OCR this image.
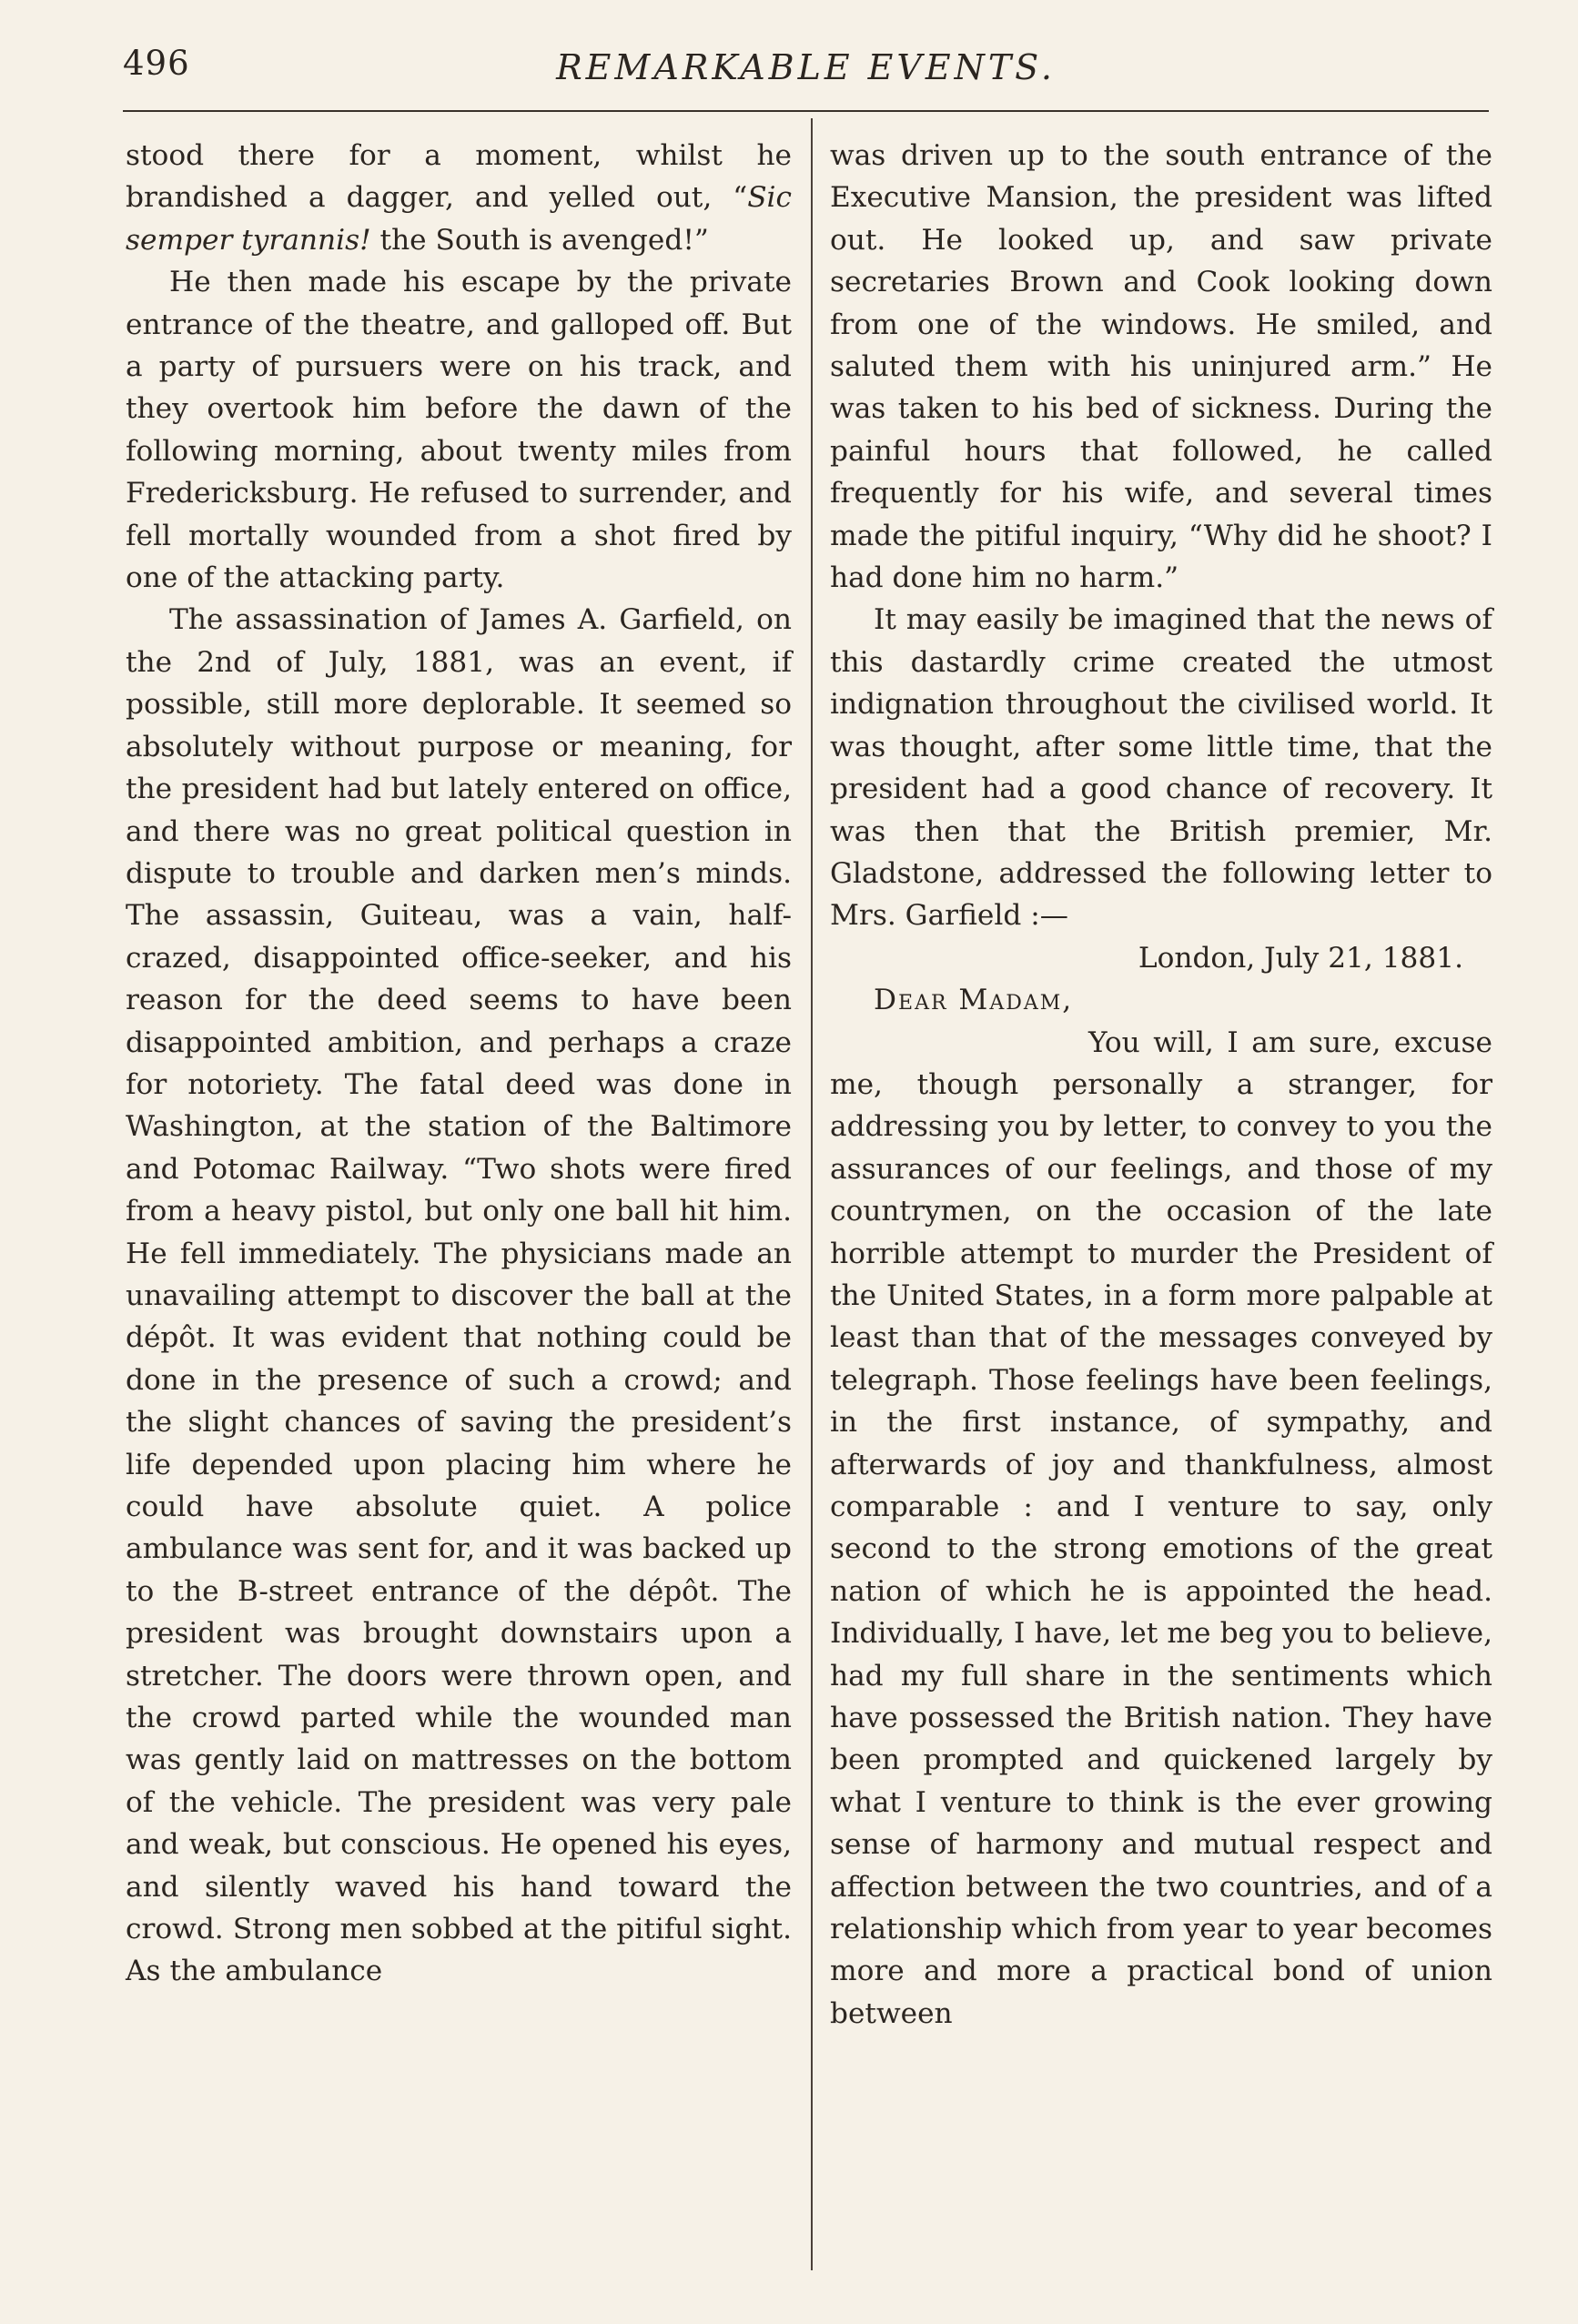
496	REMARKABLE EVENTS.

stood there for a moment, whilst he brandished a dagger, and yelled out, “Sic semper tyrannis! the South is avenged!”

He then made his escape by the private entrance of the theatre, and galloped off. But a party of pursuers were on his track, and they overtook him before the dawn of the following morning, about twenty miles from Fredericksburg. He refused to surrender, and fell mortally wounded from a shot fired by one of the attacking party.

The assassination of James A. Garfield, on the 2nd of July, 1881, was an event, if possible, still more deplorable. It seemed so absolutely without purpose or meaning, for the president had but lately entered on office, and there was no great political question in dispute to trouble and darken men’s minds. The assassin, Guiteau, was a vain, half-crazed, disappointed office-seeker, and his reason for the deed seems to have been disappointed ambition, and perhaps a craze for notoriety. The fatal deed was done in Washington, at the station of the Baltimore and Potomac Railway. “Two shots were fired from a heavy pistol, but only one ball hit him. He fell immediately. The physicians made an unavailing attempt to discover the ball at the dépôt. It was evident that nothing could be done in the presence of such a crowd; and the slight chances of saving the president’s life depended upon placing him where he could have absolute quiet. A police ambulance was sent for, and it was backed up to the B-street entrance of the dépôt. The president was brought downstairs upon a stretcher. The doors were thrown open, and the crowd parted while the wounded man was gently laid on mattresses on the bottom of the vehicle. The president was very pale and weak, but conscious. He opened his eyes, and silently waved his hand toward the crowd. Strong men sobbed at the pitiful sight. As the ambulance

was driven up to the south entrance of the Executive Mansion, the president was lifted out. He looked up, and saw private secretaries Brown and Cook looking down from one of the windows. He smiled, and saluted them with his uninjured arm.” He was taken to his bed of sickness. During the painful hours that followed, he called frequently for his wife, and several times made the pitiful inquiry, “Why did he shoot? I had done him no harm.”

It may easily be imagined that the news of this dastardly crime created the utmost indignation throughout the civilised world. It was thought, after some little time, that the president had a good chance of recovery. It was then that the British premier, Mr. Gladstone, addressed the following letter to Mrs. Garfield :—

London, July 21, 1881.

Dear Madam,

You will, I am sure, excuse me, though personally a stranger, for addressing you by letter, to convey to you the assurances of our feelings, and those of my countrymen, on the occasion of the late horrible attempt to murder the President of the United States, in a form more palpable at least than that of the messages conveyed by telegraph. Those feelings have been feelings, in the first instance, of sympathy, and afterwards of joy and thankfulness, almost comparable : and I venture to say, only second to the strong emotions of the great nation of which he is appointed the head. Individually, I have, let me beg you to believe, had my full share in the sentiments which have possessed the British nation. They have been prompted and quickened largely by what I venture to think is the ever growing sense of harmony and mutual respect and affection between the two countries, and of a relationship which from year to year becomes more and more a practical bond of union between
